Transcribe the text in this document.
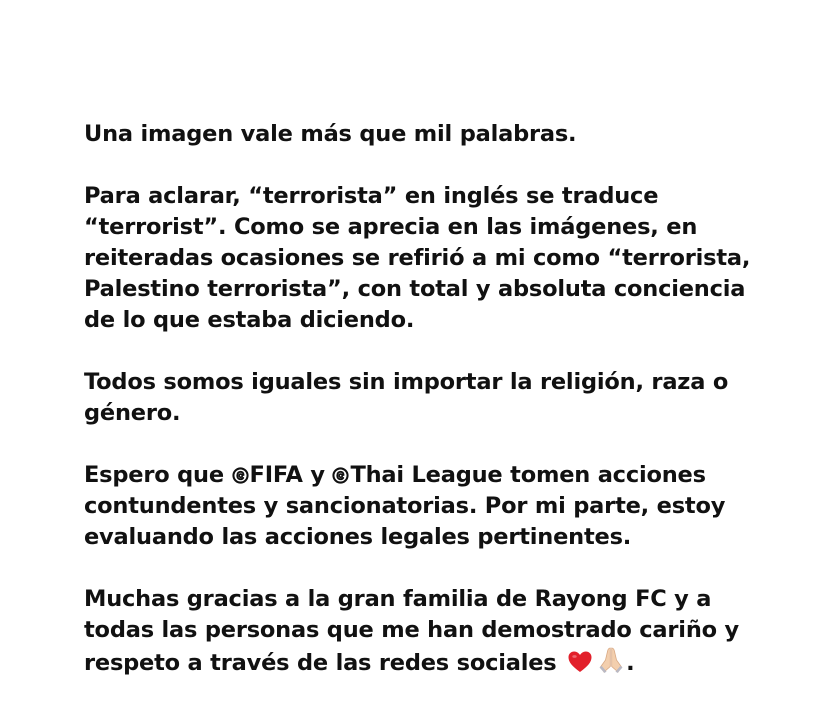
Una imagen vale más que mil palabras.
Para aclarar, “terrorista” en inglés se traduce
“terrorist”. Como se aprecia en las imágenes, en
reiteradas ocasiones se refirió a mi como “terrorista,
Palestino terrorista”, con total y absoluta conciencia
de lo que estaba diciendo.
Todos somos iguales sin importar la religión, raza o
género.
Espero que
FIFA y
Thai League tomen acciones
contundentes y sancionatorias. Por mi parte, estoy
evaluando las acciones legales pertinentes.
Muchas gracias a la gran familia de Rayong FC y a
todas las personas que me han demostrado cariño y
respeto a través de las redes sociales	.
